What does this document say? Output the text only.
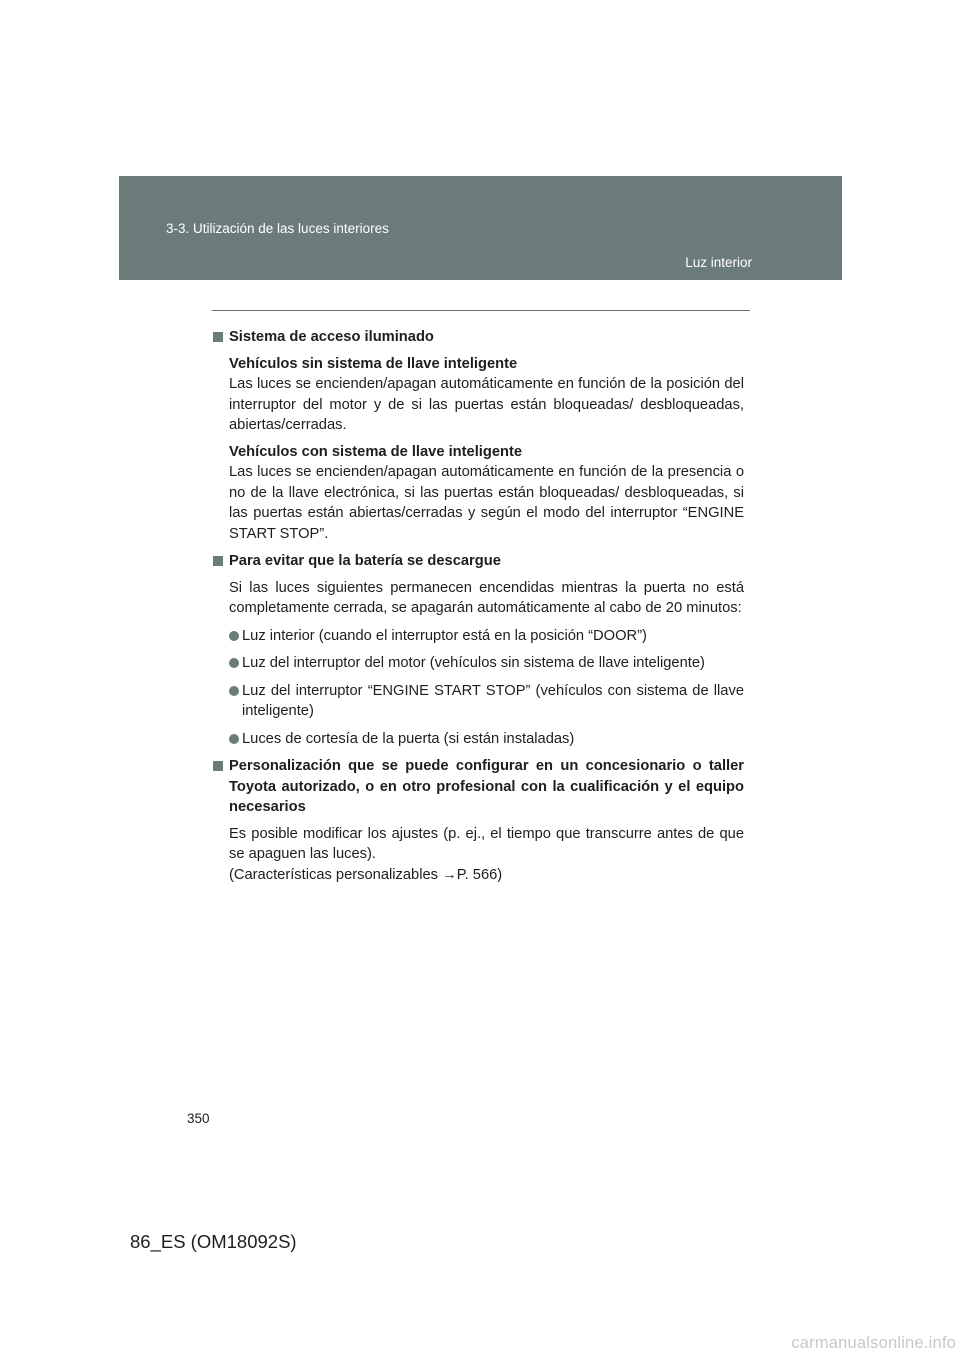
3-3. Utilización de las luces interiores
Luz interior
Sistema de acceso iluminado
Vehículos sin sistema de llave inteligente

Las luces se encienden/apagan automáticamente en función de la posición del interruptor del motor y de si las puertas están bloqueadas/ desbloqueadas, abiertas/cerradas.

Vehículos con sistema de llave inteligente

Las luces se encienden/apagan automáticamente en función de la presencia o no de la llave electrónica, si las puertas están bloqueadas/ desbloqueadas, si las puertas están abiertas/cerradas y según el modo del interruptor “ENGINE START STOP”.

Para evitar que la batería se descargue

Si las luces siguientes permanecen encendidas mientras la puerta no está completamente cerrada, se apagarán automáticamente al cabo de 20 minutos:

Luz interior (cuando el interruptor está en la posición “DOOR”)

Luz del interruptor del motor (vehículos sin sistema de llave inteligente)

Luz del interruptor “ENGINE START STOP” (vehículos con sistema de llave inteligente)

Luces de cortesía de la puerta (si están instaladas)

Personalización que se puede configurar en un concesionario o taller Toyota autorizado, o en otro profesional con la cualificación y el equipo necesarios

Es posible modificar los ajustes (p. ej., el tiempo que transcurre antes de que se apaguen las luces).

(Características personalizables →P. 566)

350
86_ES (OM18092S)
carmanualsonline.info
